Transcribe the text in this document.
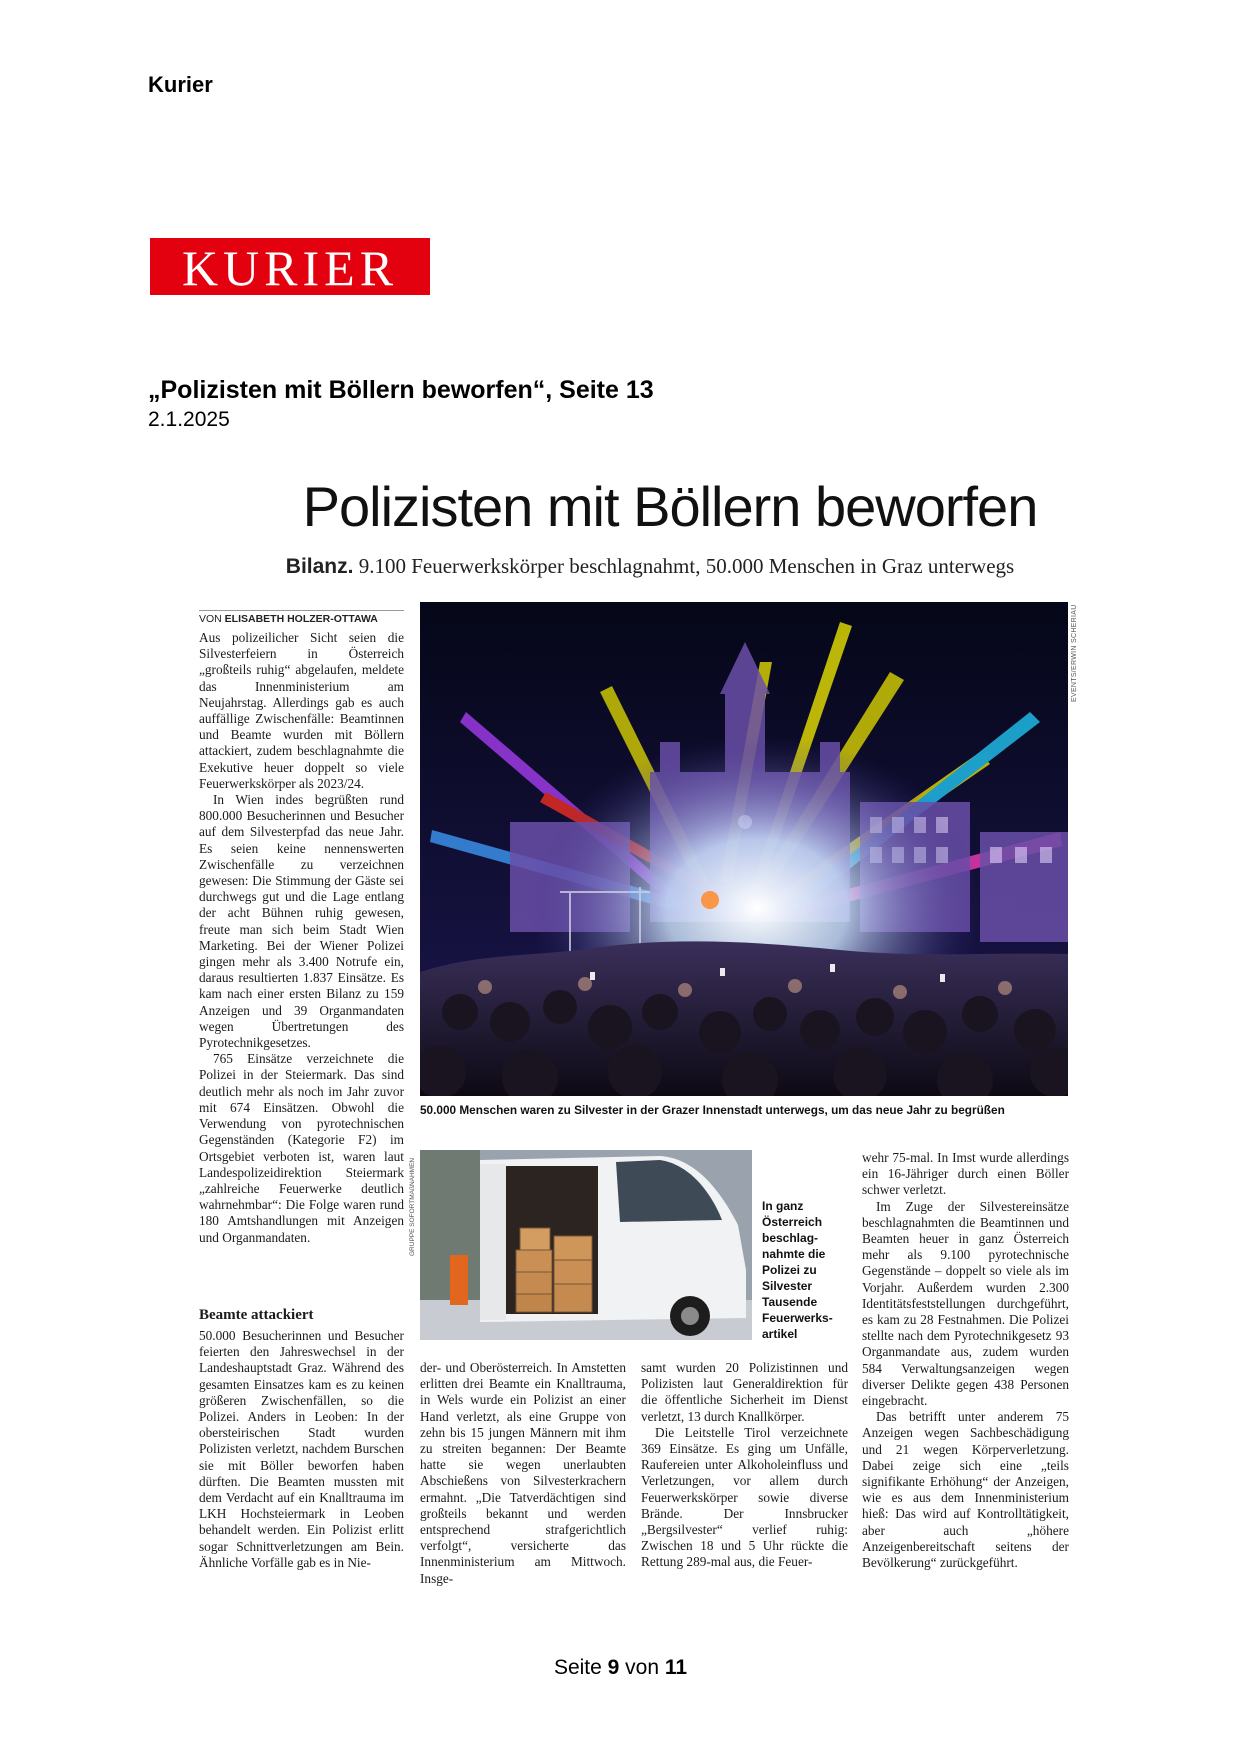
Kurier
KURIER
„Polizisten mit Böllern beworfen“, Seite 13
2.1.2025
Polizisten mit Böllern beworfen
Bilanz. 9.100 Feuerwerkskörper beschlagnahmt, 50.000 Menschen in Graz unterwegs
VON ELISABETH HOLZER-OTTAWA

Aus polizeilicher Sicht seien die Silvesterfeiern in Österreich „großteils ruhig“ abgelaufen, meldete das Innenministerium am Neujahrstag. Allerdings gab es auch auffällige Zwischenfälle: Beamtinnen und Beamte wurden mit Böllern attackiert, zudem beschlagnahmte die Exekutive heuer doppelt so viele Feuerwerkskörper als 2023/24.

In Wien indes begrüßten rund 800.000 Besucherinnen und Besucher auf dem Silvesterpfad das neue Jahr. Es seien keine nennenswerten Zwischenfälle zu verzeichnen gewesen: Die Stimmung der Gäste sei durchwegs gut und die Lage entlang der acht Bühnen ruhig gewesen, freute man sich beim Stadt Wien Marketing. Bei der Wiener Polizei gingen mehr als 3.400 Notrufe ein, daraus resultierten 1.837 Einsätze. Es kam nach einer ersten Bilanz zu 159 Anzeigen und 39 Organmandaten wegen Übertretungen des Pyrotechnikgesetzes.

765 Einsätze verzeichnete die Polizei in der Steiermark. Das sind deutlich mehr als noch im Jahr zuvor mit 674 Einsätzen. Obwohl die Verwendung von pyrotechnischen Gegenständen (Kategorie F2) im Ortsgebiet verboten ist, waren laut Landespolizeidirektion Steiermark „zahlreiche Feuerwerke deutlich wahrnehmbar“: Die Folge waren rund 180 Amtshandlungen mit Anzeigen und Organmandaten.

Beamte attackiert

50.000 Besucherinnen und Besucher feierten den Jahreswechsel in der Landeshauptstadt Graz. Während des gesamten Einsatzes kam es zu keinen größeren Zwischenfällen, so die Polizei. Anders in Leoben: In der obersteirischen Stadt wurden Polizisten verletzt, nachdem Burschen sie mit Böller beworfen haben dürften. Die Beamten mussten mit dem Verdacht auf ein Knalltrauma im LKH Hochsteiermark in Leoben behandelt werden. Ein Polizist erlitt sogar Schnittverletzungen am Bein. Ähnliche Vorfälle gab es in Nie-

EVENTS/ERWIN SCHERIAU
50.000 Menschen waren zu Silvester in der Grazer Innenstadt unterwegs, um das neue Jahr zu begrüßen
GRUPPE SOFORTMAßNAHMEN	In ganz
Österreich
beschlag-
nahmte die
Polizei zu
Silvester
Tausende
Feuerwerks-
artikel

der- und Oberösterreich. In Amstetten erlitten drei Beamte ein Knalltrauma, in Wels wurde ein Polizist an einer Hand verletzt, als eine Gruppe von zehn bis 15 jungen Männern mit ihm zu streiten begannen: Der Beamte hatte sie wegen unerlaubten Abschießens von Silvesterkrachern ermahnt. „Die Tatverdächtigen sind großteils bekannt und werden entsprechend strafgerichtlich verfolgt“, versicherte das Innenministerium am Mittwoch. Insge-

samt wurden 20 Polizistinnen und Polizisten laut Generaldirektion für die öffentliche Sicherheit im Dienst verletzt, 13 durch Knallkörper.

Die Leitstelle Tirol verzeichnete 369 Einsätze. Es ging um Unfälle, Raufereien unter Alkoholeinfluss und Verletzungen, vor allem durch Feuerwerkskörper sowie diverse Brände. Der Innsbrucker „Bergsilvester“ verlief ruhig: Zwischen 18 und 5 Uhr rückte die Rettung 289-mal aus, die Feuer-

wehr 75-mal. In Imst wurde allerdings ein 16-Jähriger durch einen Böller schwer verletzt.

Im Zuge der Silvestereinsätze beschlagnahmten die Beamtinnen und Beamten heuer in ganz Österreich mehr als 9.100 pyrotechnische Gegenstände – doppelt so viele als im Vorjahr. Außerdem wurden 2.300 Identitätsfeststellungen durchgeführt, es kam zu 28 Festnahmen. Die Polizei stellte nach dem Pyrotechnikgesetz 93 Organmandate aus, zudem wurden 584 Verwaltungsanzeigen wegen diverser Delikte gegen 438 Personen eingebracht.

Das betrifft unter anderem 75 Anzeigen wegen Sachbeschädigung und 21 wegen Körperverletzung. Dabei zeige sich eine „teils signifikante Erhöhung“ der Anzeigen, wie es aus dem Innenministerium hieß: Das wird auf Kontrolltätigkeit, aber auch „höhere Anzeigenbereitschaft seitens der Bevölkerung“ zurückgeführt.

Seite 9 von 11
